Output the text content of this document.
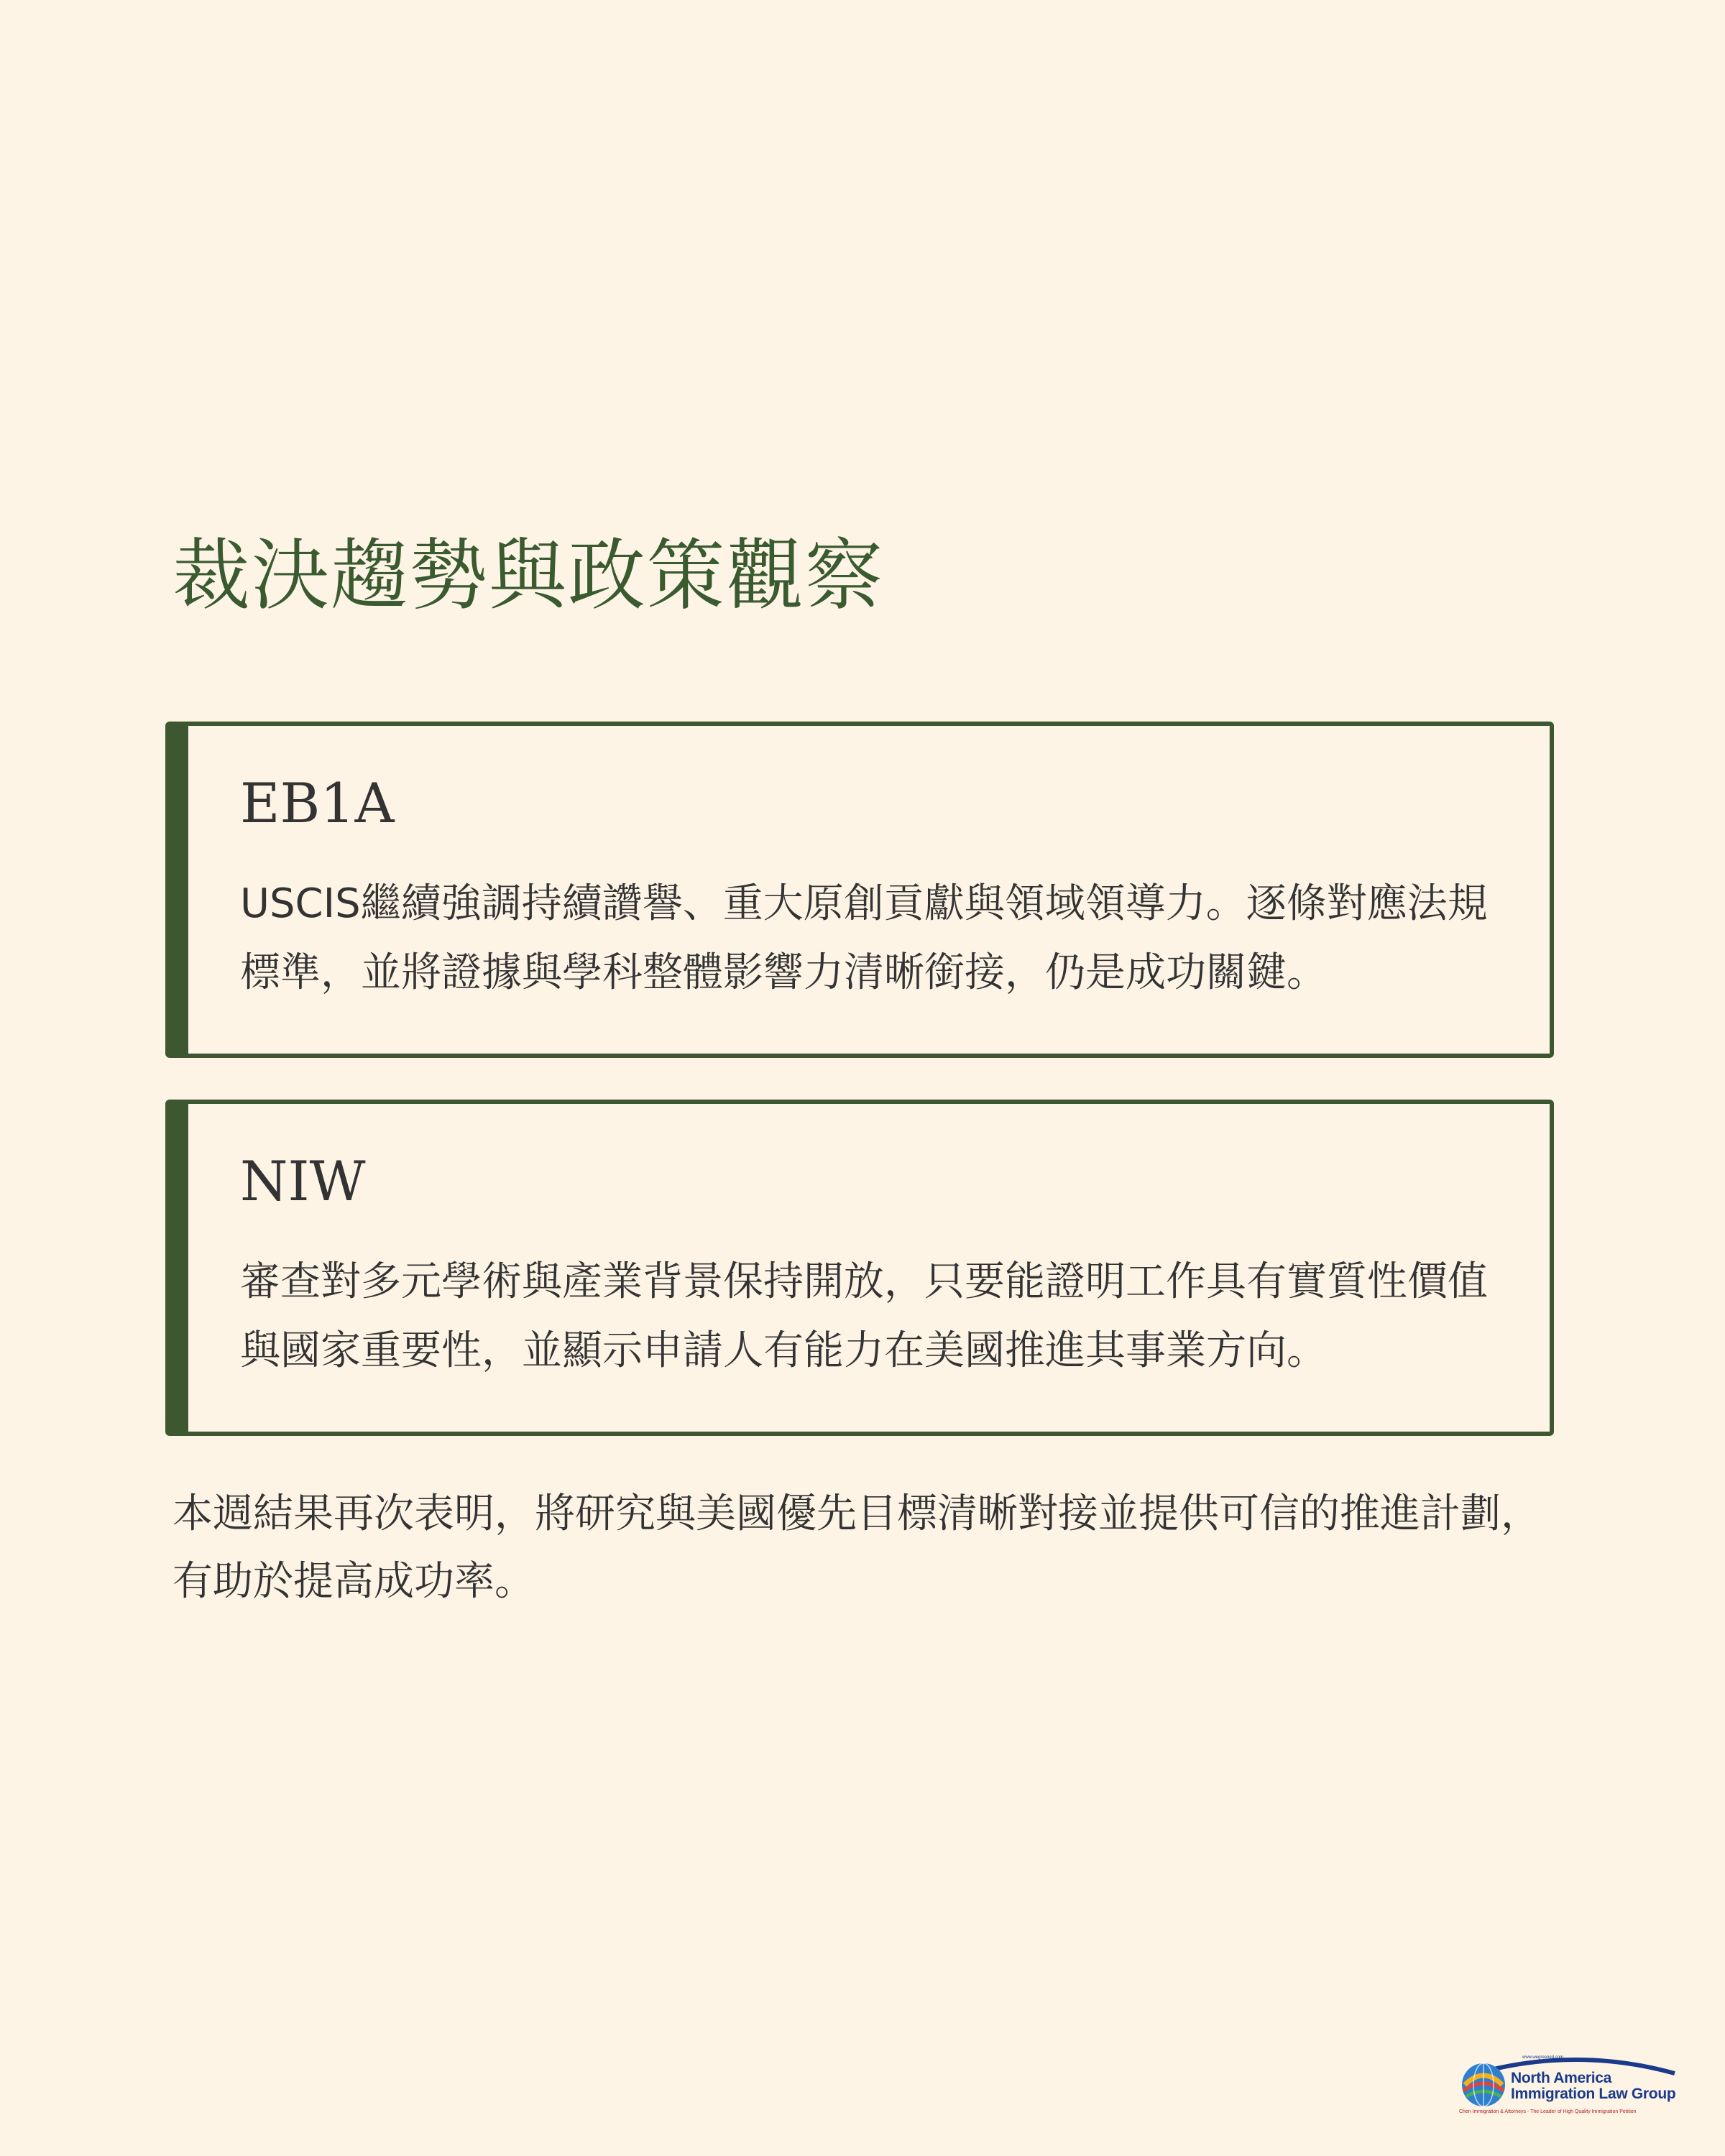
裁決趨勢與政策觀察
EB1A

USCIS繼續強調持續讚譽、重大原創貢獻與領域領導力。逐條對應法規標準，並將證據與學科整體影響力清晰銜接，仍是成功關鍵。

NIW

審查對多元學術與產業背景保持開放，只要能證明工作具有實質性價值與國家重要性，並顯示申請人有能力在美國推進其事業方向。

本週結果再次表明，將研究與美國優先目標清晰對接並提供可信的推進計劃，有助於提高成功率。

www.wegreened.com
North America
Immigration Law Group
Chen Immigration & Attorneys - The Leader of High Quality Immigration Petition
